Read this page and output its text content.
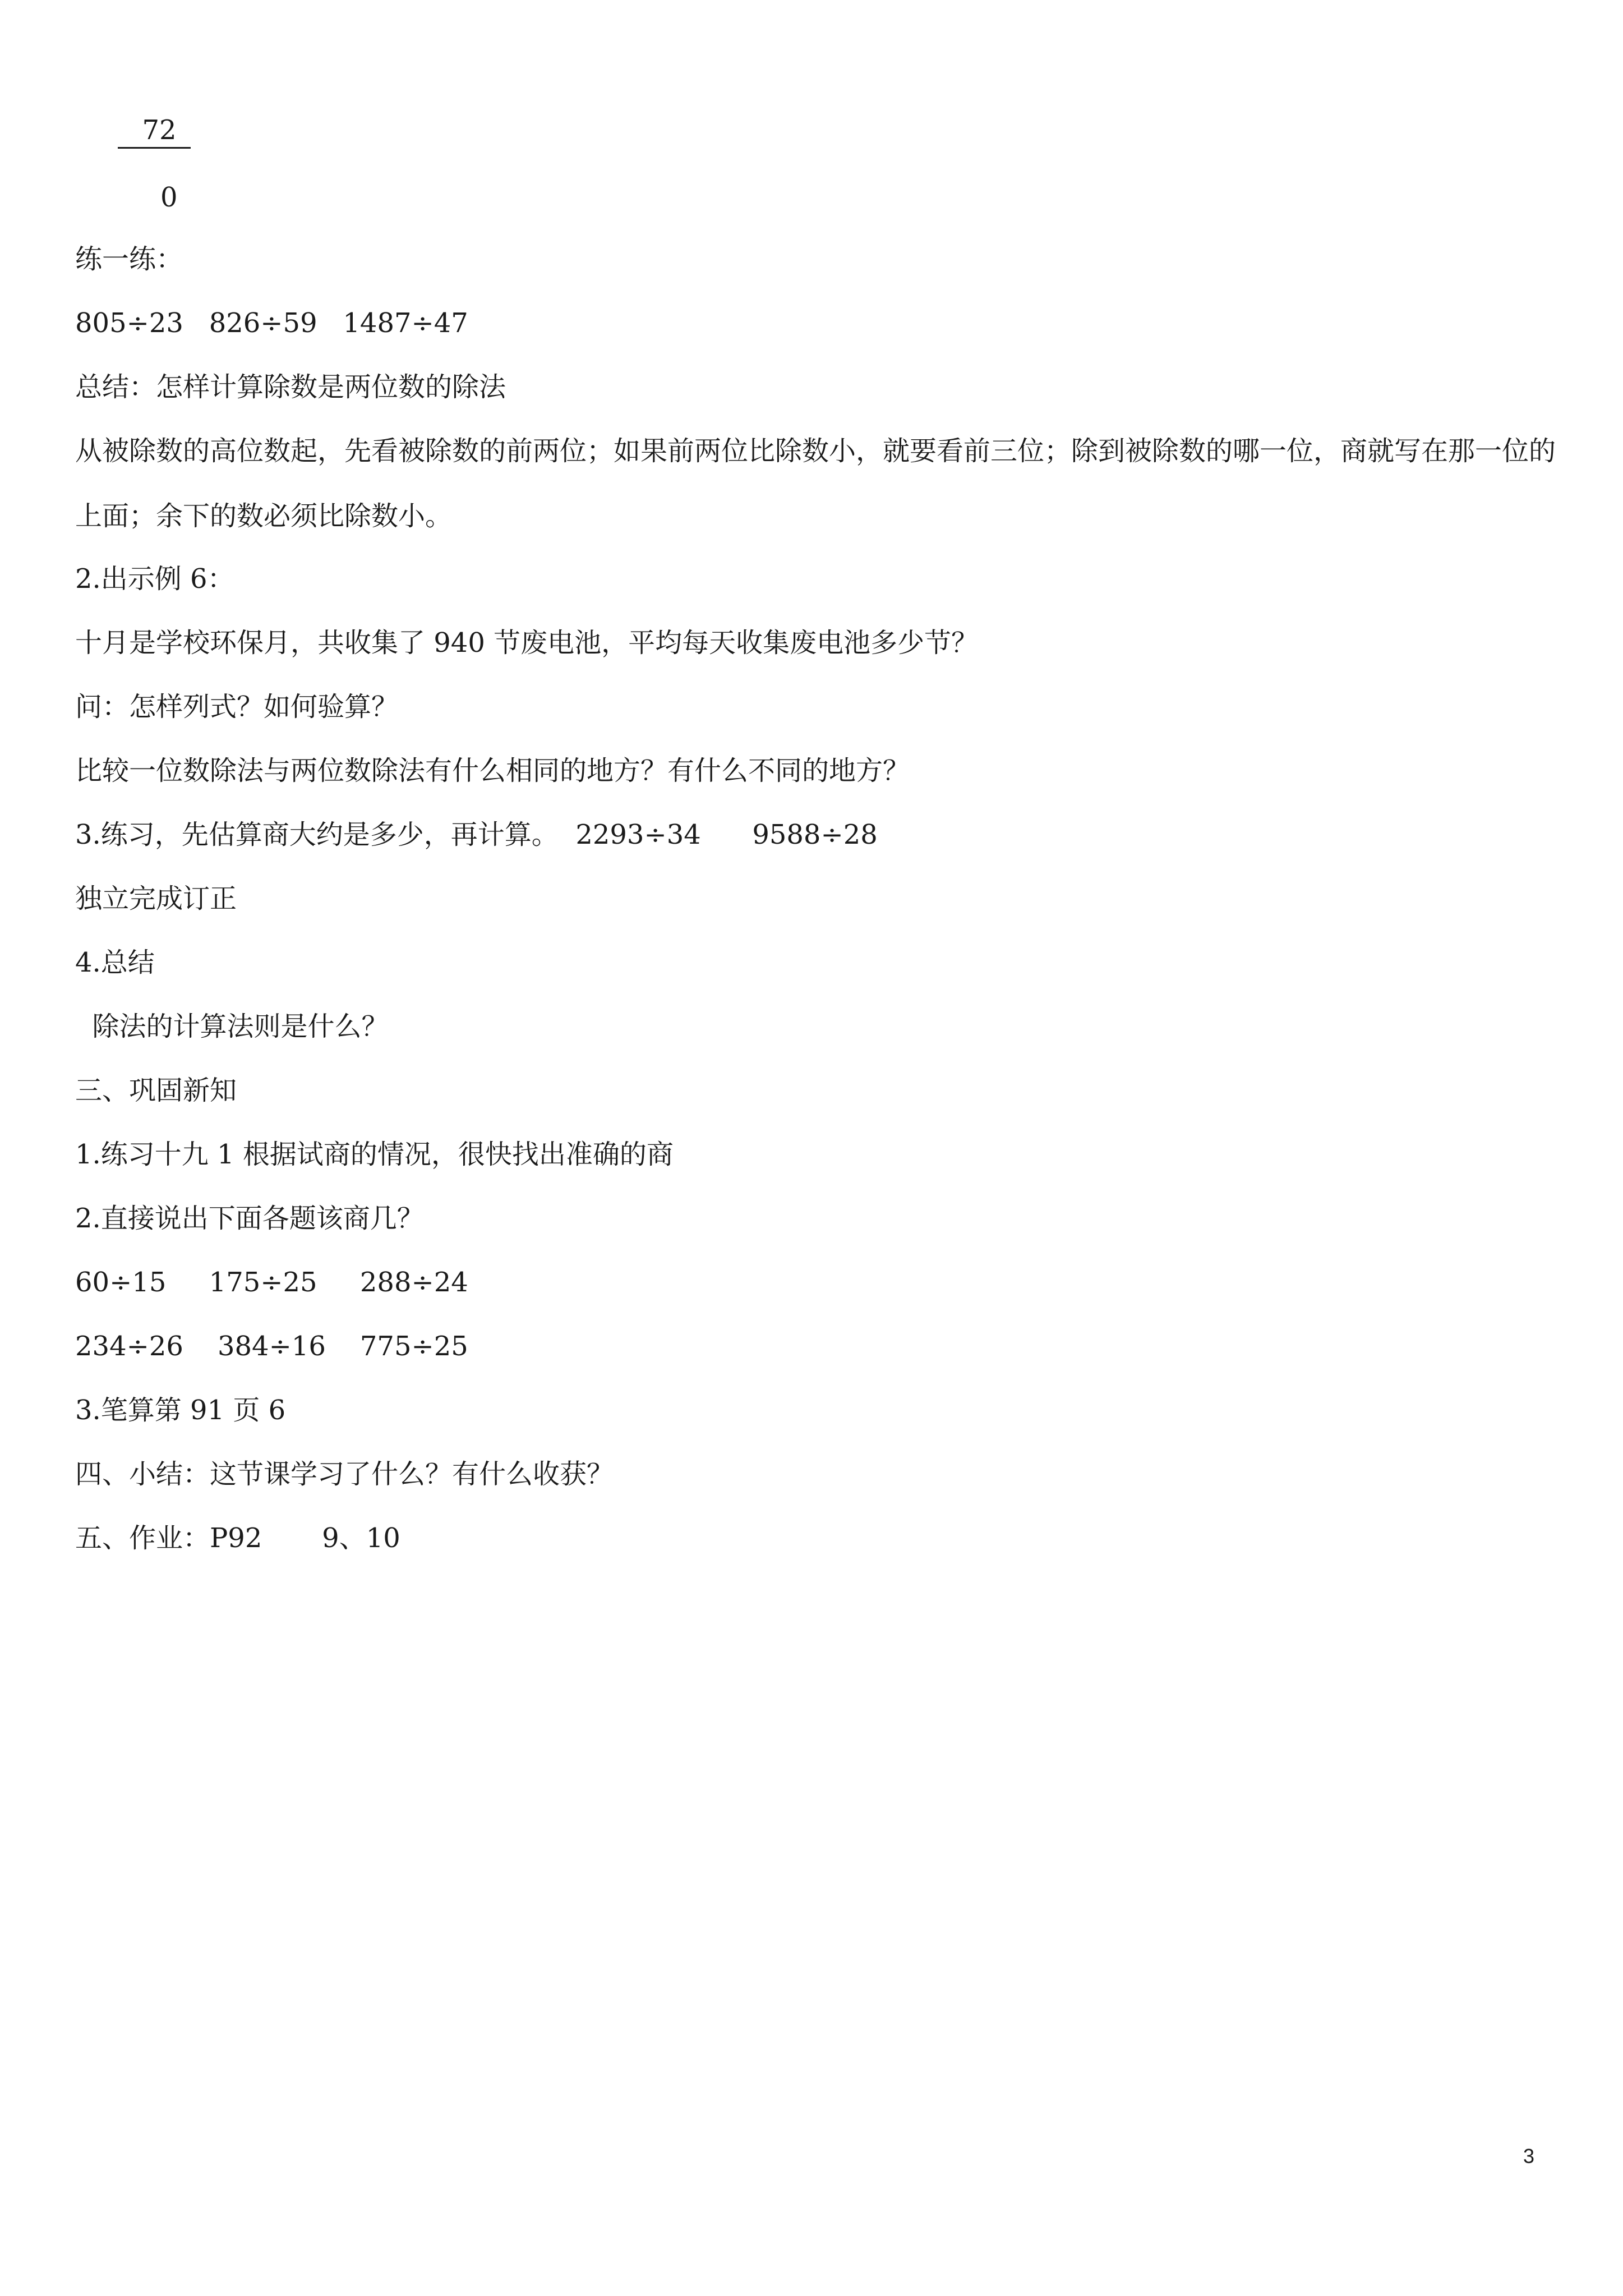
72
0
练一练：
805÷23   826÷59   1487÷47
总结：怎样计算除数是两位数的除法
从被除数的高位数起，先看被除数的前两位；如果前两位比除数小，就要看前三位；除到被除数的哪一位，商就写在那一位的上面；余下的数必须比除数小。
2.出示例 6：
十月是学校环保月，共收集了 940 节废电池，平均每天收集废电池多少节？
问：怎样列式？如何验算？
比较一位数除法与两位数除法有什么相同的地方？有什么不同的地方？
3.练习，先估算商大约是多少，再计算。  2293÷34      9588÷28
独立完成订正
4.总结
除法的计算法则是什么？
三、巩固新知
1.练习十九 1 根据试商的情况，很快找出准确的商
2.直接说出下面各题该商几？
60÷15     175÷25     288÷24
234÷26    384÷16    775÷25
3.笔算第 91 页 6
四、小结：这节课学习了什么？有什么收获？
五、作业：P92       9、10
3
